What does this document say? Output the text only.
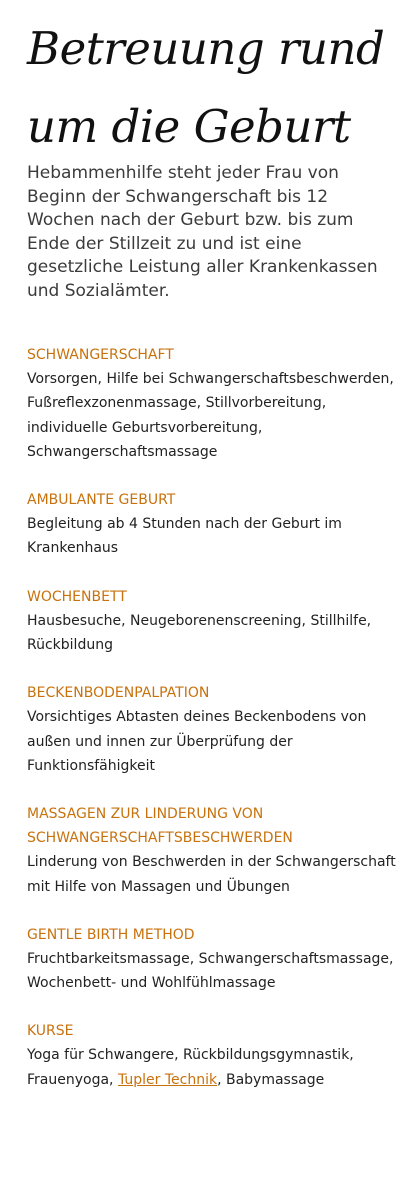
Betreuung rund
um die Geburt

Hebammenhilfe steht jeder Frau von Beginn der Schwangerschaft bis 12 Wochen nach der Geburt bzw. bis zum Ende der Stillzeit zu und ist eine gesetzliche Leistung aller Krankenkassen und Sozialämter.

SCHWANGERSCHAFT

Vorsorgen, Hilfe bei Schwangerschaftsbeschwerden, Fußreflexzonenmassage, Stillvorbereitung, individuelle Geburtsvorbereitung, Schwangerschaftsmassage

AMBULANTE GEBURT

Begleitung ab 4 Stunden nach der Geburt im Krankenhaus

WOCHENBETT

Hausbesuche, Neugeborenenscreening, Stillhilfe, Rückbildung

BECKENBODENPALPATION

Vorsichtiges Abtasten deines Beckenbodens von außen und innen zur Überprüfung der Funktionsfähigkeit

MASSAGEN ZUR LINDERUNG VON SCHWANGERSCHAFTSBESCHWERDEN

Linderung von Beschwerden in der Schwangerschaft mit Hilfe von Massagen und Übungen

GENTLE BIRTH METHOD

Fruchtbarkeitsmassage, Schwangerschaftsmassage, Wochenbett- und Wohlfühlmassage

KURSE

Yoga für Schwangere, Rückbildungsgymnastik, Frauenyoga, Tupler Technik, Babymassage
